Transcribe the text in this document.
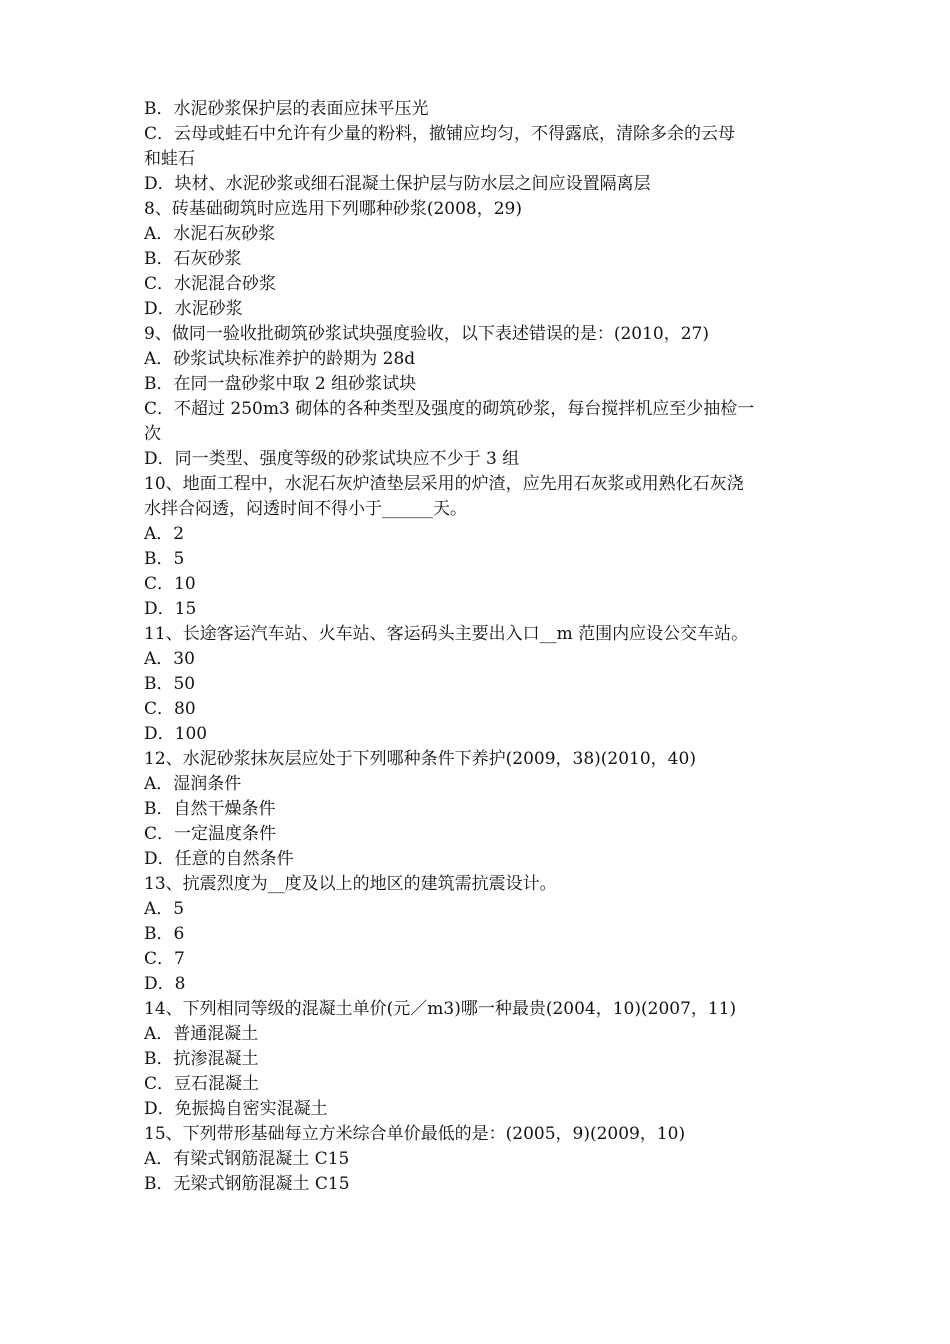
B．水泥砂浆保护层的表面应抹平压光
C．云母或蛙石中允许有少量的粉料，撤铺应均匀，不得露底，清除多余的云母
和蛙石
D．块材、水泥砂浆或细石混凝土保护层与防水层之间应设置隔离层
8、砖基础砌筑时应选用下列哪种砂浆(2008，29)
A．水泥石灰砂浆
B．石灰砂浆
C．水泥混合砂浆
D．水泥砂浆
9、做同一验收批砌筑砂浆试块强度验收，以下表述错误的是：(2010，27)
A．砂浆试块标准养护的龄期为 28d
B．在同一盘砂浆中取 2 组砂浆试块
C．不超过 250m3 砌体的各种类型及强度的砌筑砂浆，每台搅拌机应至少抽检一
次
D．同一类型、强度等级的砂浆试块应不少于 3 组
10、地面工程中，水泥石灰炉渣垫层采用的炉渣，应先用石灰浆或用熟化石灰浇
水拌合闷透，闷透时间不得小于______天。
A．2
B．5
C．10
D．15
11、长途客运汽车站、火车站、客运码头主要出入口__m 范围内应设公交车站。
A．30
B．50
C．80
D．100
12、水泥砂浆抹灰层应处于下列哪种条件下养护(2009，38)(2010，40)
A．湿润条件
B．自然干燥条件
C．一定温度条件
D．任意的自然条件
13、抗震烈度为__度及以上的地区的建筑需抗震设计。
A．5
B．6
C．7
D．8
14、下列相同等级的混凝土单价(元／m3)哪一种最贵(2004，10)(2007，11)
A．普通混凝土
B．抗渗混凝土
C．豆石混凝土
D．免振捣自密实混凝土
15、下列带形基础每立方米综合单价最低的是：(2005，9)(2009，10)
A．有梁式钢筋混凝土 C15
B．无梁式钢筋混凝土 C15
